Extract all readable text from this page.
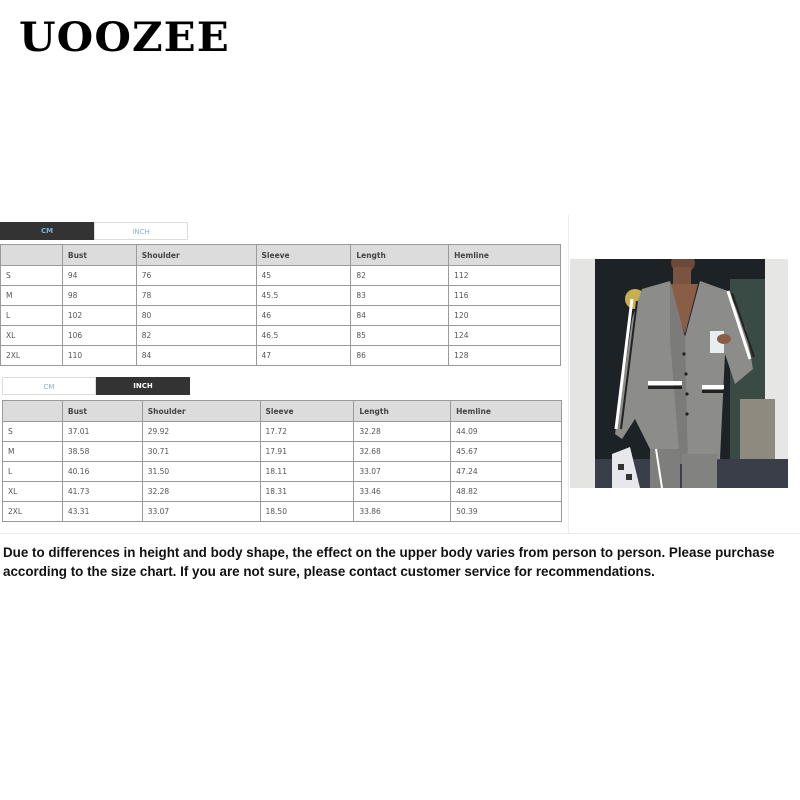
UOOZEE
CM	INCH
	Bust	Shoulder	Sleeve	Length	Hemline
S	94	76	45	82	112
M	98	78	45.5	83	116
L	102	80	46	84	120
XL	106	82	46.5	85	124
2XL	110	84	47	86	128
CM	INCH
	Bust	Shoulder	Sleeve	Length	Hemline
S	37.01	29.92	17.72	32.28	44.09
M	38.58	30.71	17.91	32.68	45.67
L	40.16	31.50	18.11	33.07	47.24
XL	41.73	32.28	18.31	33.46	48.82
2XL	43.31	33.07	18.50	33.86	50.39
Due to differences in height and body shape, the effect on the upper body varies from person to person. Please purchase according to the size chart. If you are not sure, please contact customer service for recommendations.
